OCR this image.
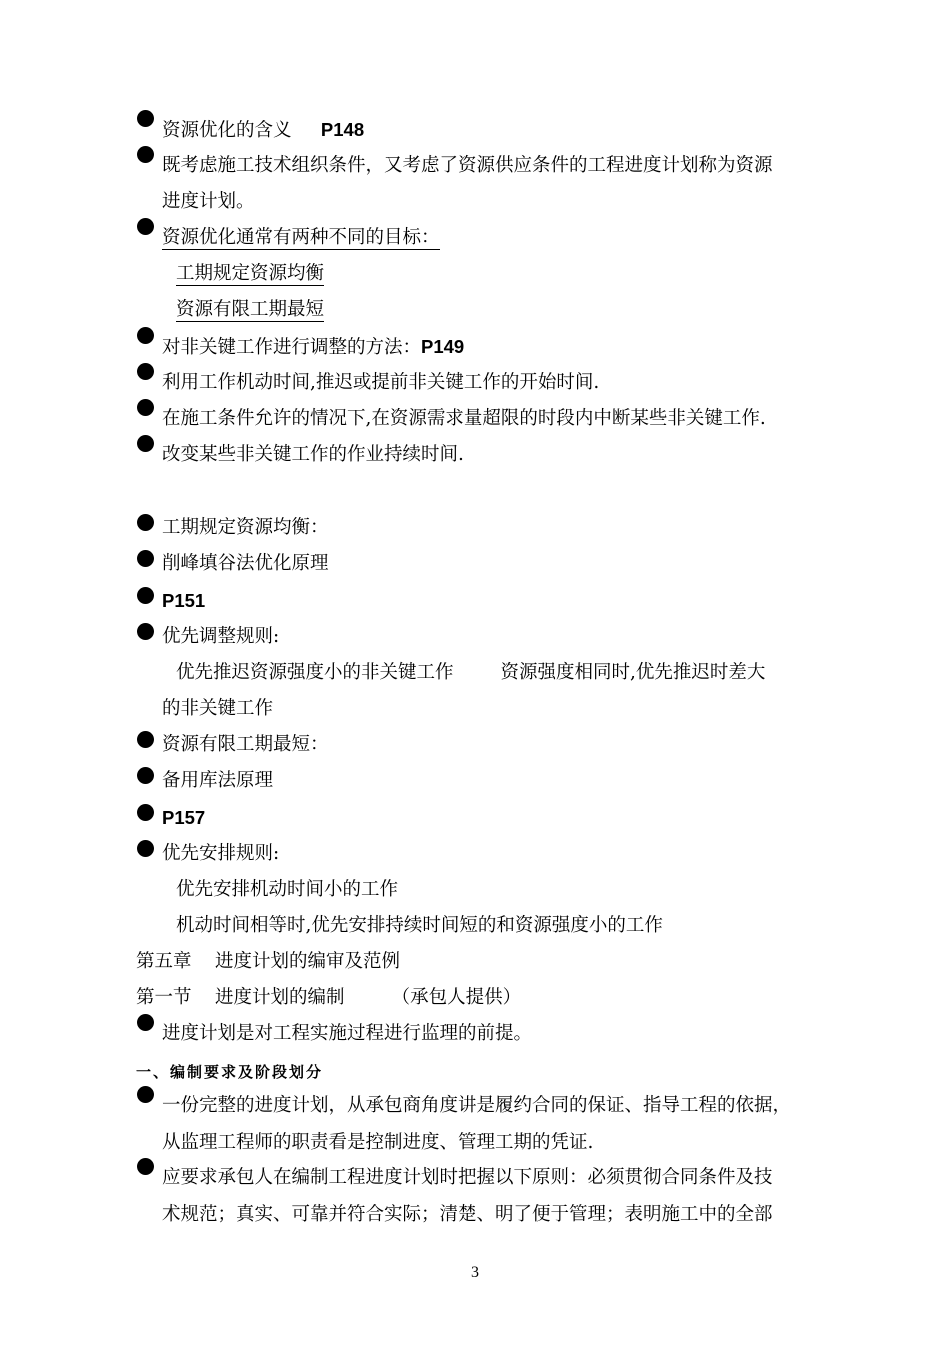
资源优化的含义 P148
既考虑施工技术组织条件，又考虑了资源供应条件的工程进度计划称为资源
进度计划。
资源优化通常有两种不同的目标：
工期规定资源均衡
资源有限工期最短
对非关键工作进行调整的方法：P149
利用工作机动时间,推迟或提前非关键工作的开始时间.
在施工条件允许的情况下,在资源需求量超限的时段内中断某些非关键工作.
改变某些非关键工作的作业持续时间.
工期规定资源均衡：
削峰填谷法优化原理
P151
优先调整规则:
优先推迟资源强度小的非关键工作        资源强度相同时,优先推迟时差大
的非关键工作
资源有限工期最短：
备用库法原理
P157
优先安排规则:
优先安排机动时间小的工作
机动时间相等时,优先安排持续时间短的和资源强度小的工作
第五章    进度计划的编审及范例
第一节    进度计划的编制        （承包人提供）
进度计划是对工程实施过程进行监理的前提。
一、编制要求及阶段划分
一份完整的进度计划，从承包商角度讲是履约合同的保证、指导工程的依据，
从监理工程师的职责看是控制进度、管理工期的凭证.
应要求承包人在编制工程进度计划时把握以下原则：必须贯彻合同条件及技
术规范；真实、可靠并符合实际；清楚、明了便于管理；表明施工中的全部
3
